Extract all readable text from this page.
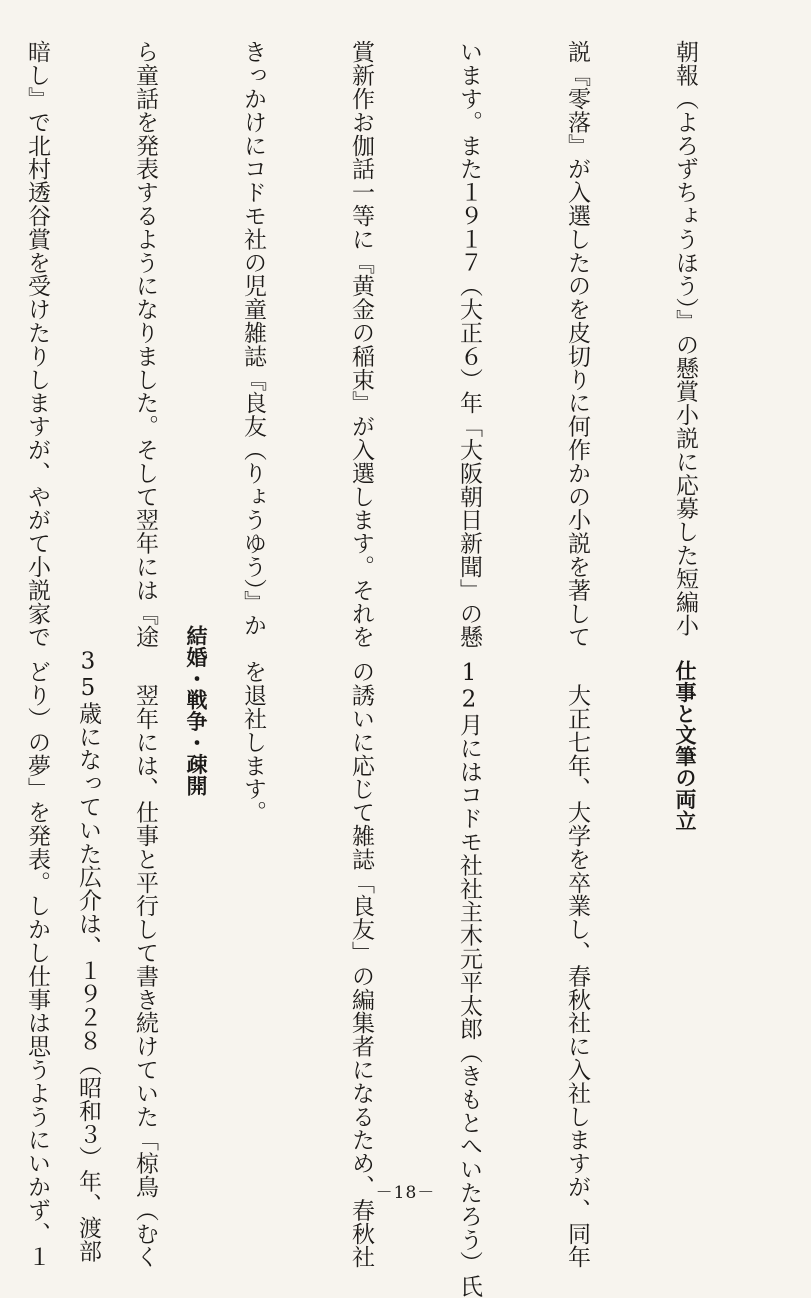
朝報（よろずちょうほう）』の懸賞小説に応募した短編小

説『零落』が入選したのを皮切りに何作かの小説を著して

います。また１９１７（大正６）年「大阪朝日新聞」の懸

賞新作お伽話一等に『黄金の稲束』が入選します。それを

きっかけにコドモ社の児童雑誌『良友（りょうゆう）』か

ら童話を発表するようになりました。そして翌年には『途

暗し』で北村透谷賞を受けたりしますが、やがて小説家で

仕事と文筆の両立

　大正七年、大学を卒業し、春秋社に入社しますが、同年

12月にはコドモ社社主木元平太郎（きもとへいたろう）氏

の誘いに応じて雑誌「良友」の編集者になるため、春秋社

を退社します。

　翌年には、仕事と平行して書き続けていた「椋鳥（むく

どり）の夢」を発表。しかし仕事は思うようにいかず、１

	結婚・戦争・疎開

　35歳になっていた広介は、１９２８（昭和３）年、渡部

	－18－
